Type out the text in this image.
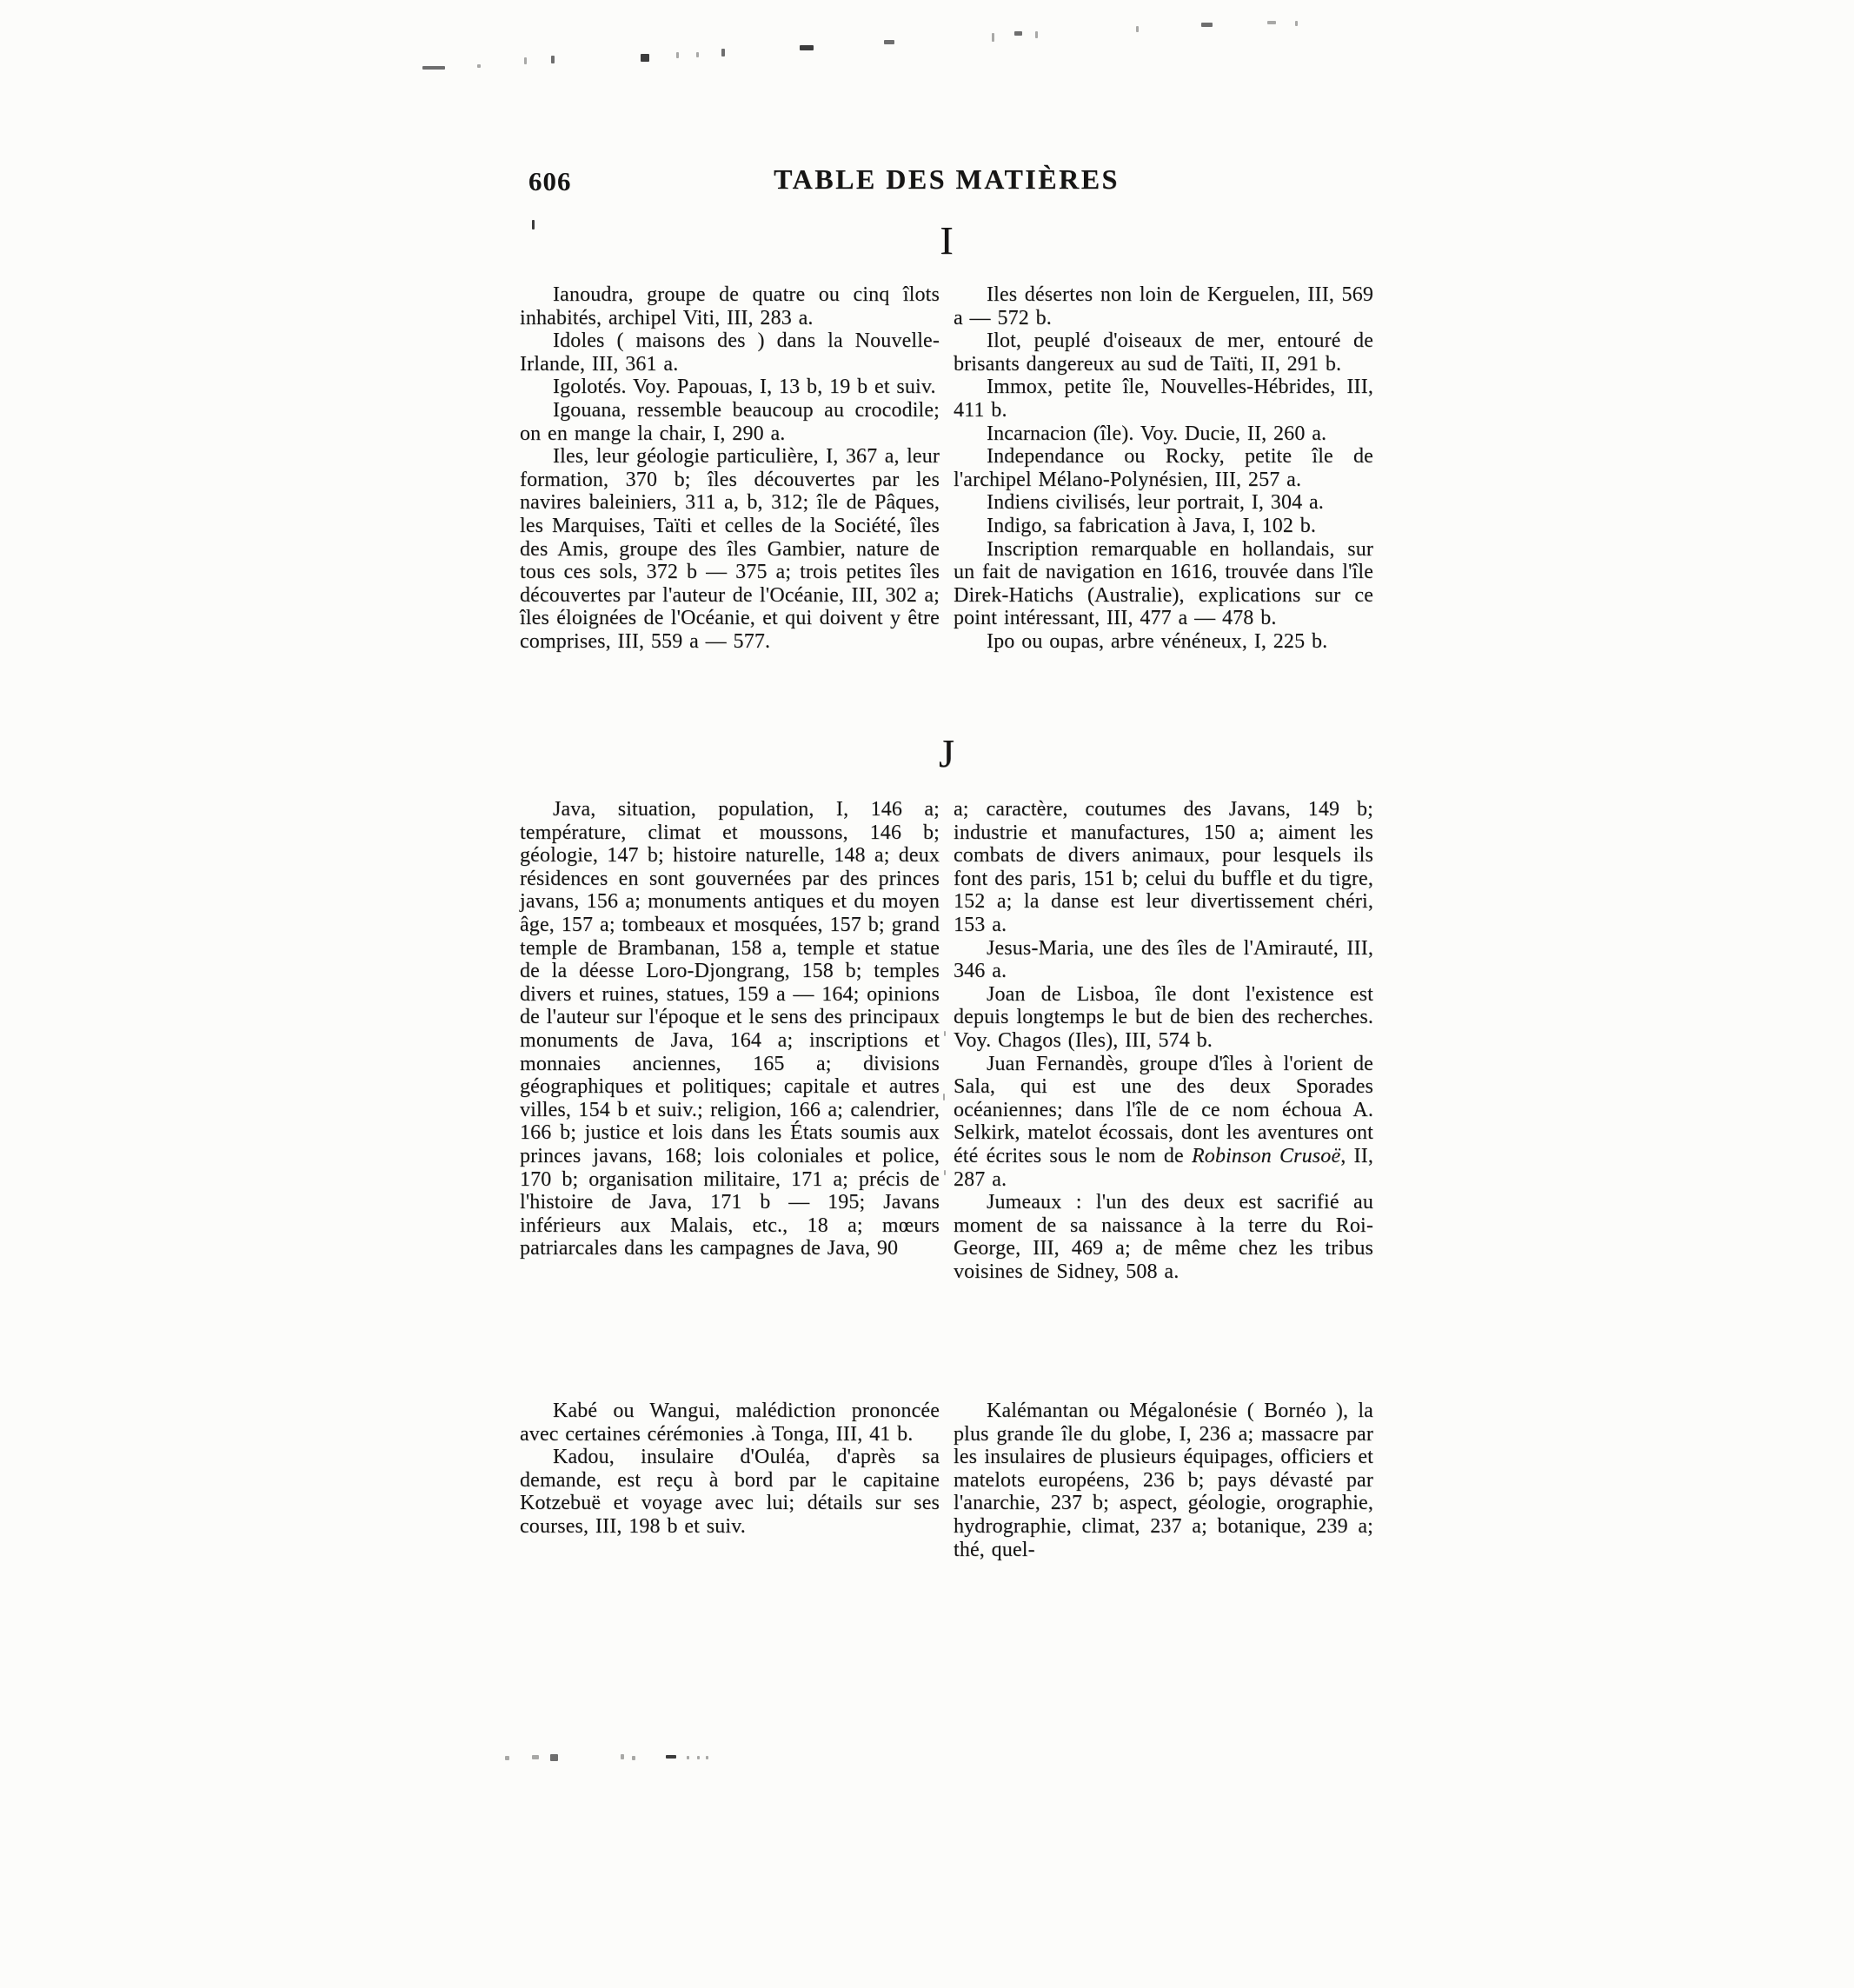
606	TABLE DES MATIÈRES
I
J

Ianoudra, groupe de quatre ou cinq îlots inhabités, archipel Viti, III, 283 a.

Idoles ( maisons des ) dans la Nouvelle-Irlande, III, 361 a.

Igolotés. Voy. Papouas, I, 13 b, 19 b et suiv.

Igouana, ressemble beaucoup au crocodile; on en mange la chair, I, 290 a.

Iles, leur géologie particulière, I, 367 a, leur formation, 370 b; îles découvertes par les navires baleiniers, 311 a, b, 312; île de Pâques, les Marquises, Taïti et celles de la Société, îles des Amis, groupe des îles Gambier, nature de tous ces sols, 372 b — 375 a; trois petites îles découvertes par l'auteur de l'Océanie, III, 302 a; îles éloignées de l'Océanie, et qui doivent y être comprises, III, 559 a — 577.

Iles désertes non loin de Kerguelen, III, 569 a — 572 b.

Ilot, peuplé d'oiseaux de mer, entouré de brisants dangereux au sud de Taïti, II, 291 b.

Immox, petite île, Nouvelles-Hébrides, III, 411 b.

Incarnacion (île). Voy. Ducie, II, 260 a.

Independance ou Rocky, petite île de l'archipel Mélano-Polynésien, III, 257 a.

Indiens civilisés, leur portrait, I, 304 a.

Indigo, sa fabrication à Java, I, 102 b.

Inscription remarquable en hollandais, sur un fait de navigation en 1616, trouvée dans l'île Direk-Hatichs (Australie), explications sur ce point intéressant, III, 477 a — 478 b.

Ipo ou oupas, arbre vénéneux, I, 225 b.

Java, situation, population, I, 146 a; température, climat et moussons, 146 b; géologie, 147 b; histoire naturelle, 148 a; deux résidences en sont gouvernées par des princes javans, 156 a; monuments antiques et du moyen âge, 157 a; tombeaux et mosquées, 157 b; grand temple de Brambanan, 158 a, temple et statue de la déesse Loro-Djongrang, 158 b; temples divers et ruines, statues, 159 a — 164; opinions de l'auteur sur l'époque et le sens des principaux monuments de Java, 164 a; inscriptions et monnaies anciennes, 165 a; divisions géographiques et politiques; capitale et autres villes, 154 b et suiv.; religion, 166 a; calendrier, 166 b; justice et lois dans les États soumis aux princes javans, 168; lois coloniales et police, 170 b; organisation militaire, 171 a; précis de l'histoire de Java, 171 b — 195; Javans inférieurs aux Malais, etc., 18 a; mœurs patriarcales dans les campagnes de Java, 90

a; caractère, coutumes des Javans, 149 b; industrie et manufactures, 150 a; aiment les combats de divers animaux, pour lesquels ils font des paris, 151 b; celui du buffle et du tigre, 152 a; la danse est leur divertissement chéri, 153 a.

Jesus-Maria, une des îles de l'Amirauté, III, 346 a.

Joan de Lisboa, île dont l'existence est depuis longtemps le but de bien des recherches. Voy. Chagos (Iles), III, 574 b.

Juan Fernandès, groupe d'îles à l'orient de Sala, qui est une des deux Sporades océaniennes; dans l'île de ce nom échoua A. Selkirk, matelot écossais, dont les aventures ont été écrites sous le nom de Robinson Crusoë, II, 287 a.

Jumeaux : l'un des deux est sacrifié au moment de sa naissance à la terre du Roi-George, III, 469 a; de même chez les tribus voisines de Sidney, 508 a.

Kabé ou Wangui, malédiction prononcée avec certaines cérémonies .à Tonga, III, 41 b.

Kadou, insulaire d'Ouléa, d'après sa demande, est reçu à bord par le capitaine Kotzebuë et voyage avec lui; détails sur ses courses, III, 198 b et suiv.

Kalémantan ou Mégalonésie ( Bornéo ), la plus grande île du globe, I, 236 a; massacre par les insulaires de plusieurs équipages, officiers et matelots européens, 236 b; pays dévasté par l'anarchie, 237 b; aspect, géologie, orographie, hydrographie, climat, 237 a; botanique, 239 a; thé, quel-
